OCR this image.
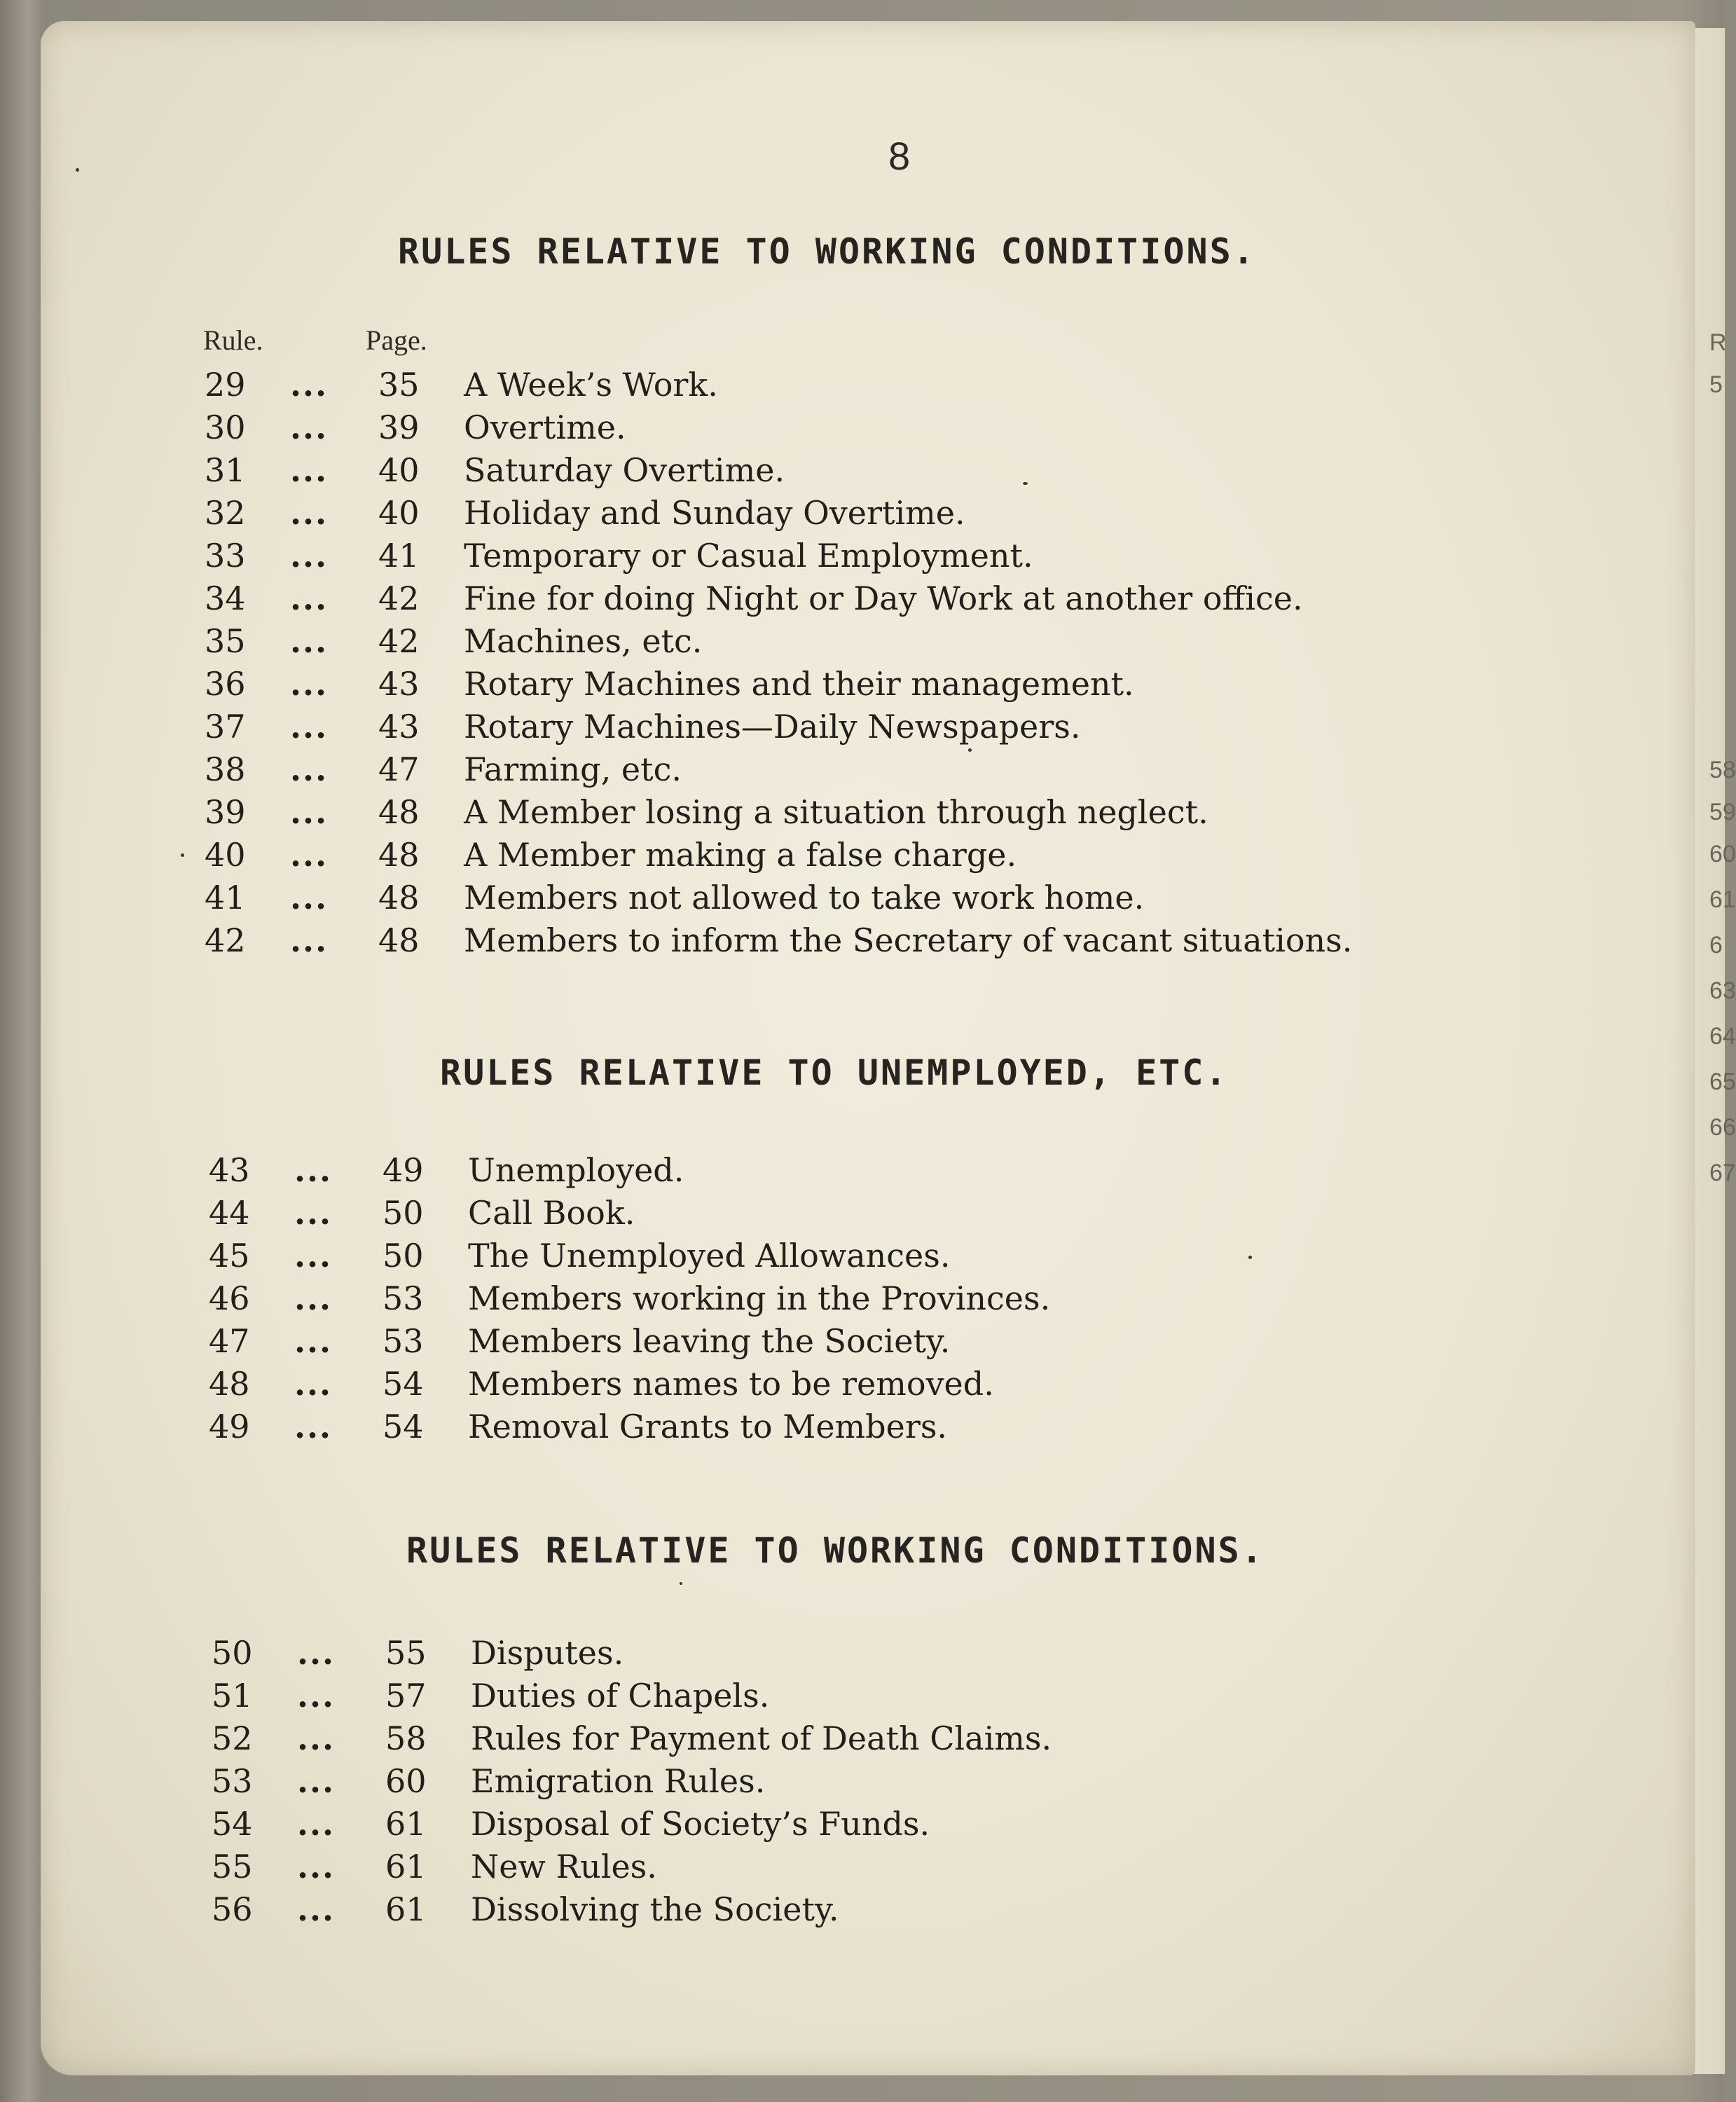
R
5
58
59
60
61
6
63
64
65
66
67
8
RULES RELATIVE TO WORKING CONDITIONS.
Rule.	Page.
29 ... 35 A Week’s Work.
30 ... 39 Overtime.
31 ... 40 Saturday Overtime.
32 ... 40 Holiday and Sunday Overtime.
33 ... 41 Temporary or Casual Employment.
34 ... 42 Fine for doing Night or Day Work at another office.
35 ... 42 Machines, etc.
36 ... 43 Rotary Machines and their management.
37 ... 43 Rotary Machines—Daily Newspapers.
38 ... 47 Farming, etc.
39 ... 48 A Member losing a situation through neglect.
40 ... 48 A Member making a false charge.
41 ... 48 Members not allowed to take work home.
42 ... 48 Members to inform the Secretary of vacant situations.
RULES RELATIVE TO UNEMPLOYED, ETC.
43 ... 49 Unemployed.
44 ... 50 Call Book.
45 ... 50 The Unemployed Allowances.
46 ... 53 Members working in the Provinces.
47 ... 53 Members leaving the Society.
48 ... 54 Members names to be removed.
49 ... 54 Removal Grants to Members.
RULES RELATIVE TO WORKING CONDITIONS.
50 ... 55 Disputes.
51 ... 57 Duties of Chapels.
52 ... 58 Rules for Payment of Death Claims.
53 ... 60 Emigration Rules.
54 ... 61 Disposal of Society’s Funds.
55 ... 61 New Rules.
56 ... 61 Dissolving the Society.
